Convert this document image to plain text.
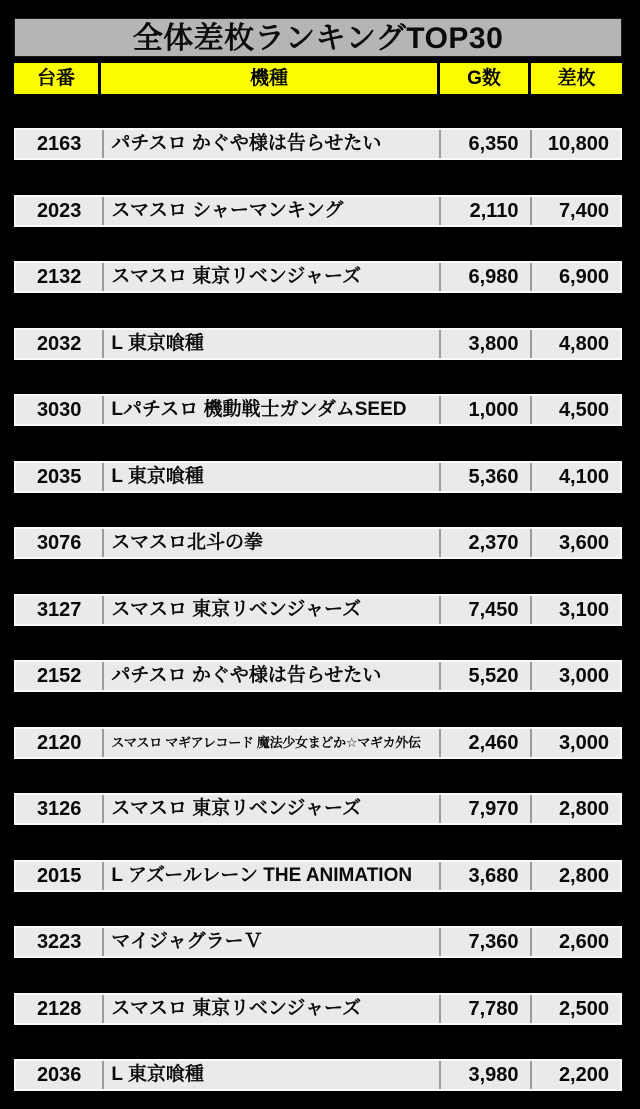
全体差枚ランキングTOP30
台番	機種	G数	差枚
2163	パチスロ かぐや様は告らせたい	6,350	10,800
2023	スマスロ シャーマンキング	2,110	7,400
2132	スマスロ 東京リベンジャーズ	6,980	6,900
2032	L 東京喰種	3,800	4,800
3030	Lパチスロ 機動戦士ガンダムSEED	1,000	4,500
2035	L 東京喰種	5,360	4,100
3076	スマスロ北斗の拳	2,370	3,600
3127	スマスロ 東京リベンジャーズ	7,450	3,100
2152	パチスロ かぐや様は告らせたい	5,520	3,000
2120	スマスロ マギアレコード 魔法少女まどか☆マギカ外伝	2,460	3,000
3126	スマスロ 東京リベンジャーズ	7,970	2,800
2015	L アズールレーン THE ANIMATION	3,680	2,800
3223	マイジャグラーＶ	7,360	2,600
2128	スマスロ 東京リベンジャーズ	7,780	2,500
2036	L 東京喰種	3,980	2,200
